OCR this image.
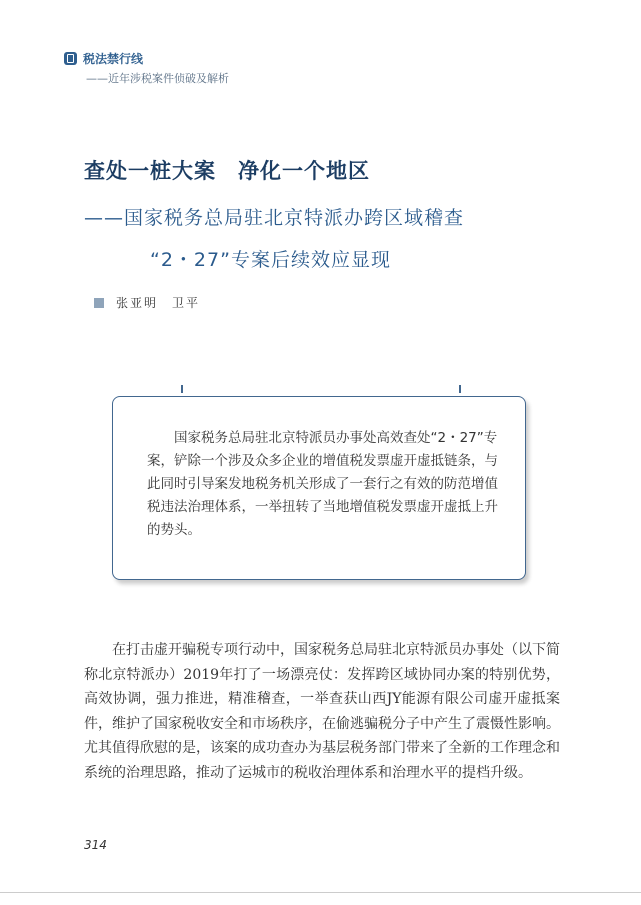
税法禁行线
——近年涉税案件侦破及解析
查处一桩大案　净化一个地区
——国家税务总局驻北京特派办跨区域稽查
“2・27”专案后续效应显现
张亚明　卫平
国家税务总局驻北京特派员办事处高效查处“2・27”专案，铲除一个涉及众多企业的增值税发票虚开虚抵链条，与此同时引导案发地税务机关形成了一套行之有效的防范增值税违法治理体系，一举扭转了当地增值税发票虚开虚抵上升的势头。
在打击虚开骗税专项行动中，国家税务总局驻北京特派员办事处（以下简称北京特派办）2019年打了一场漂亮仗：发挥跨区域协同办案的特别优势，高效协调，强力推进，精准稽查，一举查获山西JY能源有限公司虚开虚抵案件，维护了国家税收安全和市场秩序，在偷逃骗税分子中产生了震慑性影响。尤其值得欣慰的是，该案的成功查办为基层税务部门带来了全新的工作理念和系统的治理思路，推动了运城市的税收治理体系和治理水平的提档升级。
314
